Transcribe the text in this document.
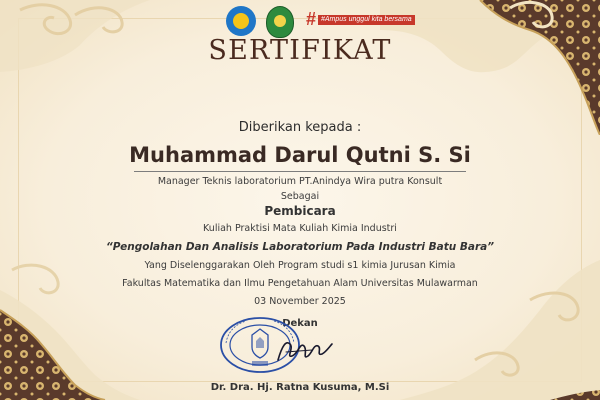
# #Ampus unggul kita bersama
SERTIFIKAT
Diberikan kepada :
Muhammad Darul Qutni S. Si
Manager Teknis laboratorium PT.Anindya Wira putra Konsult
Sebagai
Pembicara
Kuliah Praktisi Mata Kuliah Kimia Industri
“Pengolahan Dan Analisis Laboratorium Pada Industri Batu Bara”
Yang Diselenggarakan Oleh Program studi s1 kimia Jurusan Kimia
Fakultas Matematika dan Ilmu Pengetahuan Alam Universitas Mulawarman
03 November 2025
Dekan
Dr. Dra. Hj. Ratna Kusuma, M.Si
